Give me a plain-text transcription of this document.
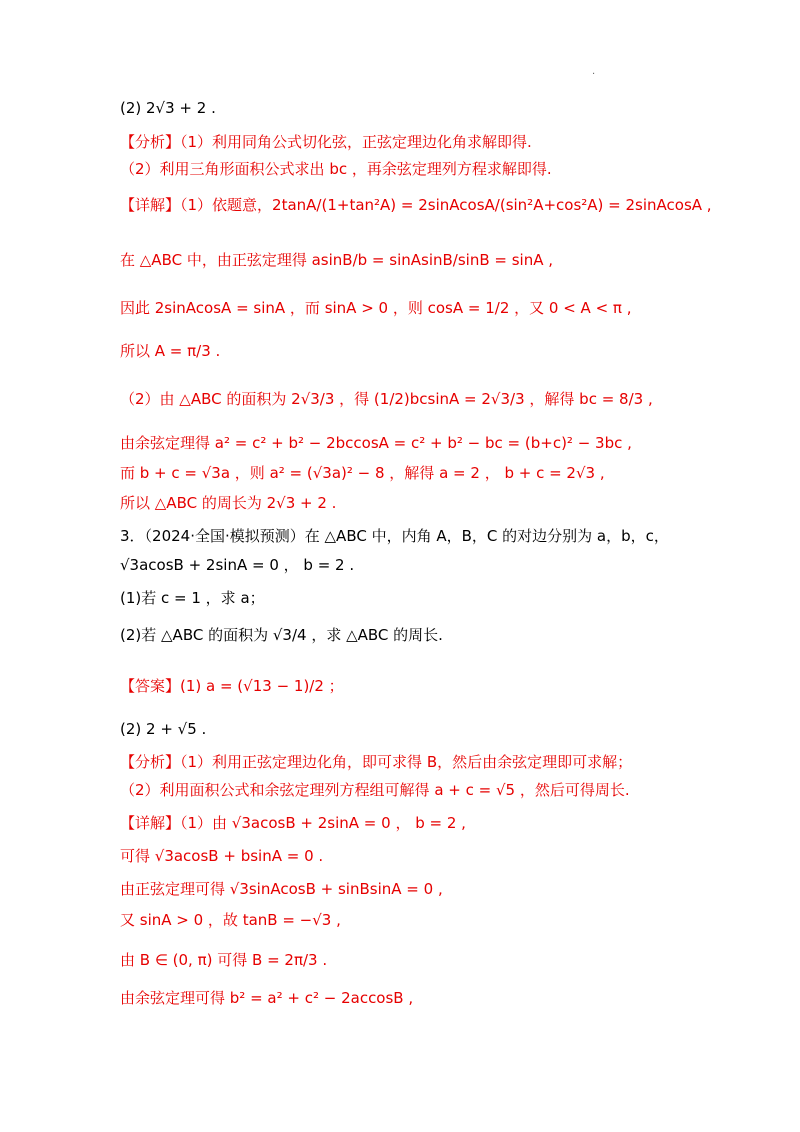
.
(2) 2√3 + 2 .
【分析】（1）利用同角公式切化弦，正弦定理边化角求解即得.
（2）利用三角形面积公式求出 bc ，再余弦定理列方程求解即得.
【详解】（1）依题意，2tanA/(1+tan²A) = 2sinAcosA/(sin²A+cos²A) = 2sinAcosA ,
在 △ABC 中，由正弦定理得 asinB/b = sinAsinB/sinB = sinA ,
因此 2sinAcosA = sinA ，而 sinA > 0 ，则 cosA = 1/2 ，又 0 < A < π ,
所以 A = π/3 .
（2）由 △ABC 的面积为 2√3/3 ，得 (1/2)bcsinA = 2√3/3 ，解得 bc = 8/3 ,
由余弦定理得 a² = c² + b² − 2bccosA = c² + b² − bc = (b+c)² − 3bc ,
而 b + c = √3a ，则 a² = (√3a)² − 8 ，解得 a = 2 ， b + c = 2√3 ,
所以 △ABC 的周长为 2√3 + 2 .
3．（2024·全国·模拟预测）在 △ABC 中，内角 A，B，C 的对边分别为 a，b，c，
√3acosB + 2sinA = 0 ， b = 2 .
(1)若 c = 1 ，求 a；
(2)若 △ABC 的面积为 √3/4 ，求 △ABC 的周长.
【答案】(1) a = (√13 − 1)/2 ；
(2) 2 + √5 .
【分析】（1）利用正弦定理边化角，即可求得 B，然后由余弦定理即可求解；
（2）利用面积公式和余弦定理列方程组可解得 a + c = √5 ，然后可得周长.
【详解】（1）由 √3acosB + 2sinA = 0 ， b = 2 ,
可得 √3acosB + bsinA = 0 .
由正弦定理可得 √3sinAcosB + sinBsinA = 0 ,
又 sinA > 0 ，故 tanB = −√3 ,
由 B ∈ (0, π) 可得 B = 2π/3 .
由余弦定理可得 b² = a² + c² − 2accosB ,
